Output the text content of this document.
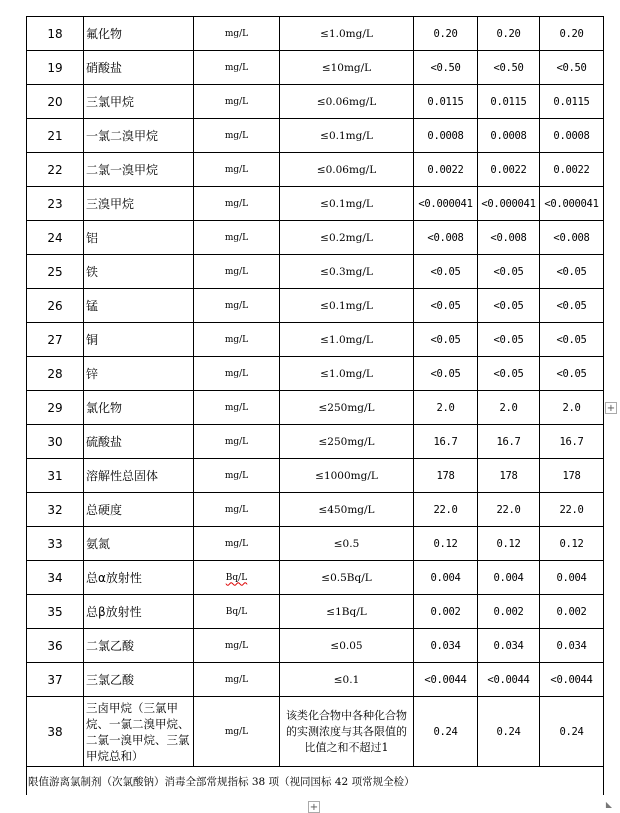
18	氟化物	mg/L	≤1.0mg/L	0.20	0.20	0.20
19	硝酸盐	mg/L	≤10mg/L	<0.50	<0.50	<0.50
20	三氯甲烷	mg/L	≤0.06mg/L	0.0115	0.0115	0.0115
21	一氯二溴甲烷	mg/L	≤0.1mg/L	0.0008	0.0008	0.0008
22	二氯一溴甲烷	mg/L	≤0.06mg/L	0.0022	0.0022	0.0022
23	三溴甲烷	mg/L	≤0.1mg/L	<0.000041	<0.000041	<0.000041
24	铝	mg/L	≤0.2mg/L	<0.008	<0.008	<0.008
25	铁	mg/L	≤0.3mg/L	<0.05	<0.05	<0.05
26	锰	mg/L	≤0.1mg/L	<0.05	<0.05	<0.05
27	铜	mg/L	≤1.0mg/L	<0.05	<0.05	<0.05
28	锌	mg/L	≤1.0mg/L	<0.05	<0.05	<0.05
29	氯化物	mg/L	≤250mg/L	2.0	2.0	2.0
30	硫酸盐	mg/L	≤250mg/L	16.7	16.7	16.7
31	溶解性总固体	mg/L	≤1000mg/L	178	178	178
32	总硬度	mg/L	≤450mg/L	22.0	22.0	22.0
33	氨氮	mg/L	≤0.5	0.12	0.12	0.12
34	总α放射性	Bq/L	≤0.5Bq/L	0.004	0.004	0.004
35	总β放射性	Bq/L	≤1Bq/L	0.002	0.002	0.002
36	二氯乙酸	mg/L	≤0.05	0.034	0.034	0.034
37	三氯乙酸	mg/L	≤0.1	<0.0044	<0.0044	<0.0044
38	三卤甲烷（三氯甲烷、一氯二溴甲烷、二氯一溴甲烷、三氯甲烷总和）	mg/L	该类化合物中各种化合物的实测浓度与其各限值的比值之和不超过1	0.24	0.24	0.24
限值游离氯制剂（次氯酸钠）消毒全部常规指标 38 项（视同国标 42 项常规全检）						
+
+	◣
